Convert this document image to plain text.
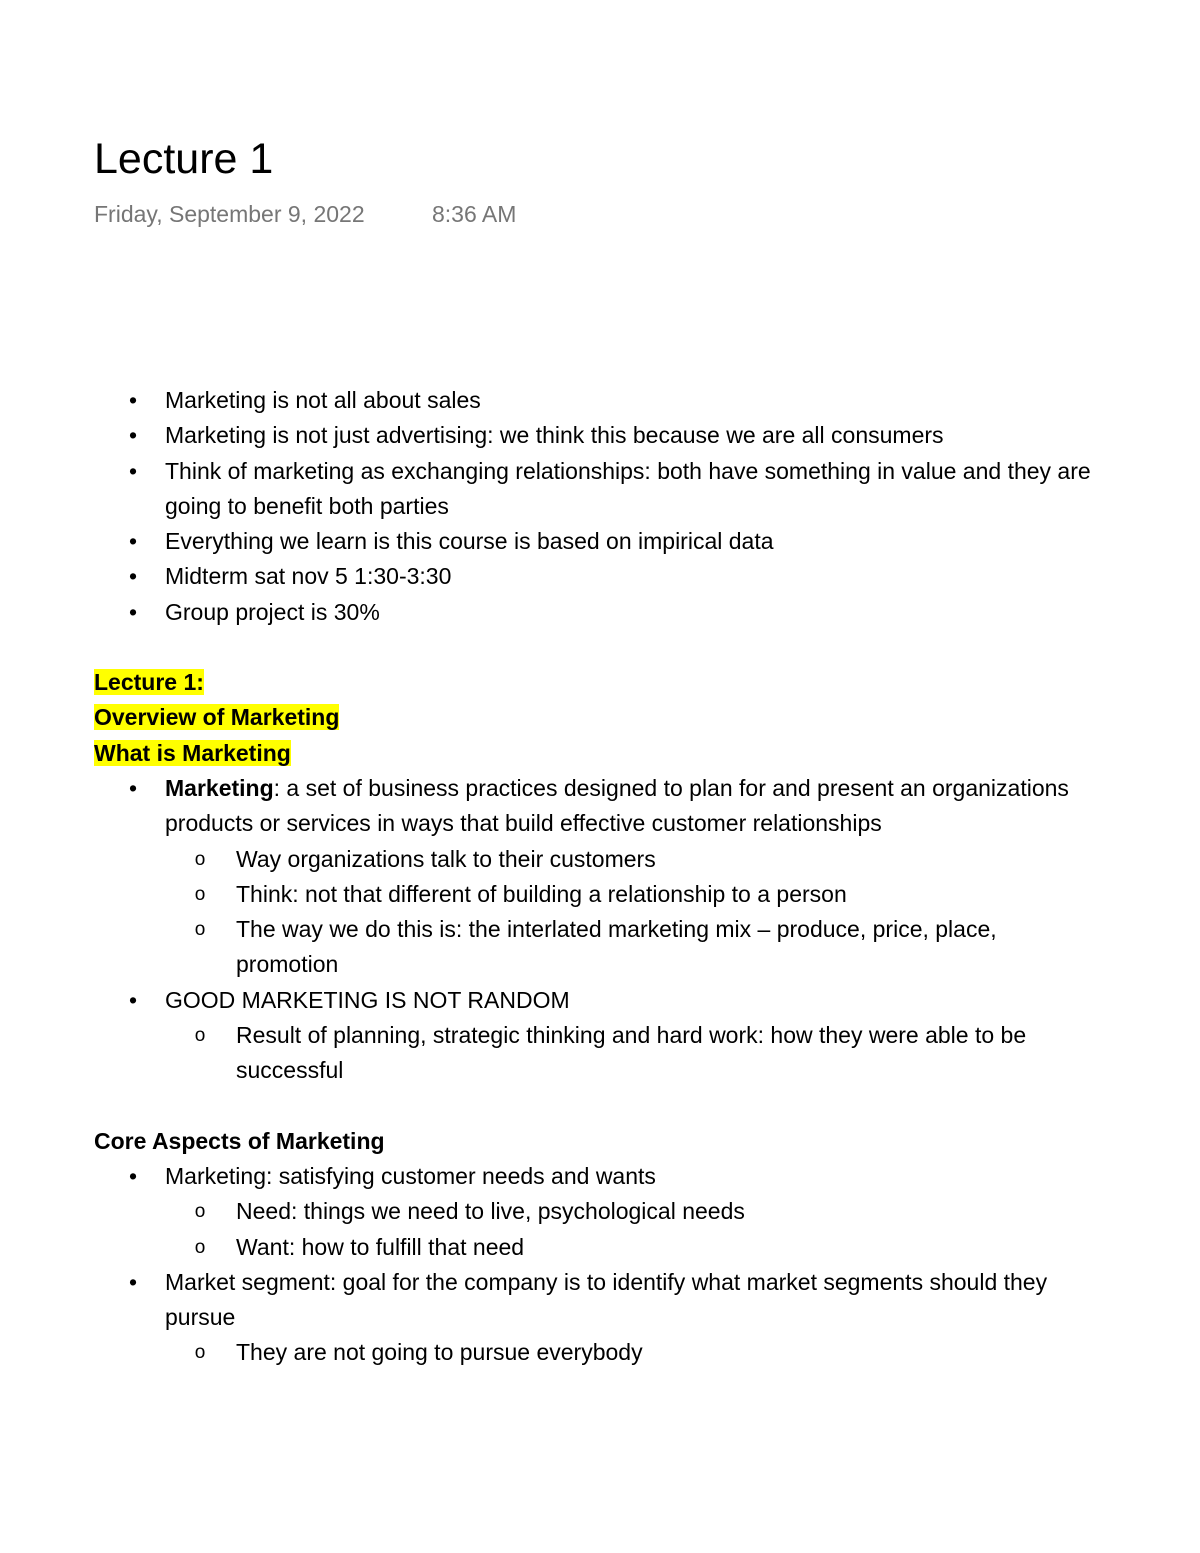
Lecture 1
Friday, September 9, 2022	8:36 AM
• Marketing is not all about sales
• Marketing is not just advertising: we think this because we are all consumers
• Think of marketing as exchanging relationships: both have something in value and they are going to benefit both parties
• Everything we learn is this course is based on impirical data
• Midterm sat nov 5 1:30-3:30
• Group project is 30%
Lecture 1:
Overview of Marketing
What is Marketing
• Marketing: a set of business practices designed to plan for and present an organizations products or services in ways that build effective customer relationships
o Way organizations talk to their customers
o Think: not that different of building a relationship to a person
o The way we do this is: the interlated marketing mix – produce, price, place, promotion
• GOOD MARKETING IS NOT RANDOM
o Result of planning, strategic thinking and hard work: how they were able to be successful
Core Aspects of Marketing
• Marketing: satisfying customer needs and wants
o Need: things we need to live, psychological needs
o Want: how to fulfill that need
• Market segment: goal for the company is to identify what market segments should they pursue
o They are not going to pursue everybody
